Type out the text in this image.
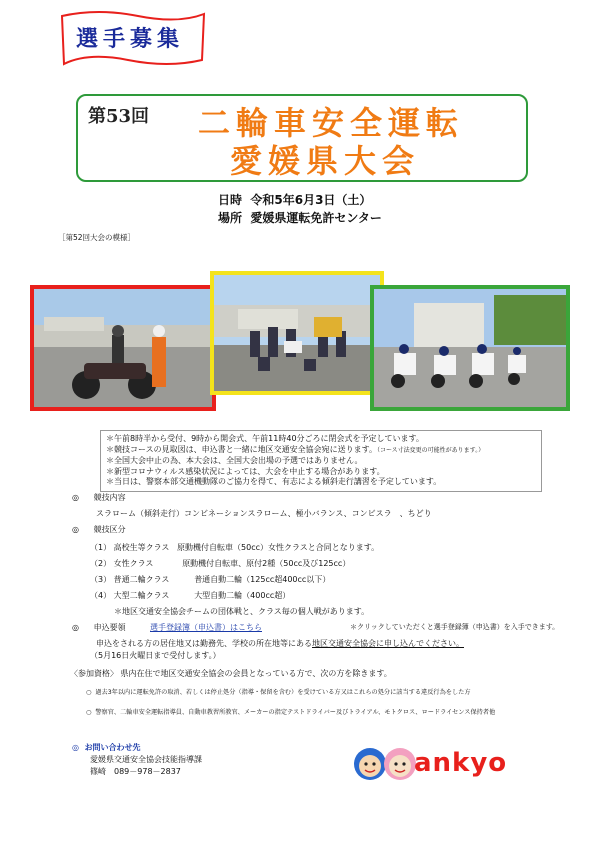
選手募集
第53回 二輪車安全運転
愛媛県大会
日時 令和5年6月3日（土）
場所 愛媛県運転免許センター
［第52回大会の模様］
＊午前8時半から受付、9時から開会式、午前11時40分ごろに閉会式を予定しています。
＊競技コースの見取図は、申込書と一緒に地区交通安全協会宛に送ります。（コース寸法変更の可能性があります。）
＊全国大会中止の為、本大会は、全国大会出場の予選ではありません。
＊新型コロナウィルス感染状況によっては、大会を中止する場合があります。
＊当日は、警察本部交通機動隊のご協力を得て、有志による傾斜走行講習を予定しています。
◎ 競技内容
スラローム（傾斜走行）コンビネーションスラローム、極小バランス、コンビスラ　、ちどり
◎ 競技区分
（1） 高校生等クラス 原動機付自転車（50cc）女性クラスと合同となります。
（2） 女性クラス	原動機付自転車、原付2種（50cc及び125cc）
（3） 普通二輪クラス	普通自動二輪（125cc超400cc以下）
（4） 大型二輪クラス	大型自動二輪（400cc超）
＊地区交通安全協会チームの団体戦と、クラス毎の個人戦があります。
◎ 申込要領	選手登録簿（申込書）はこちら	＊クリックしていただくと選手登録簿（申込書）を入手できます。
申込をされる方の居住地又は勤務先、学校の所在地等にある地区交通安全協会に申し込んでください。
（5月16日火曜日まで受付します。）
〈参加資格〉 県内在住で地区交通安全協会の会員となっている方で、次の方を除きます。
○  過去3年以内に運転免許の取消、若しくは停止処分（指導・保留を含む）を受けている方又はこれらの処分に該当する違反行為をした方
○  警察官、二輪車安全運転指導員、自動車教習所教官、メーカーの指定テストドライバー及びトライアル、モトクロス、ロードライセンス保持者他
◎ お問い合わせ先
愛媛県交通安全協会技能指導課
篠崎　089－978－2837	ankyo
